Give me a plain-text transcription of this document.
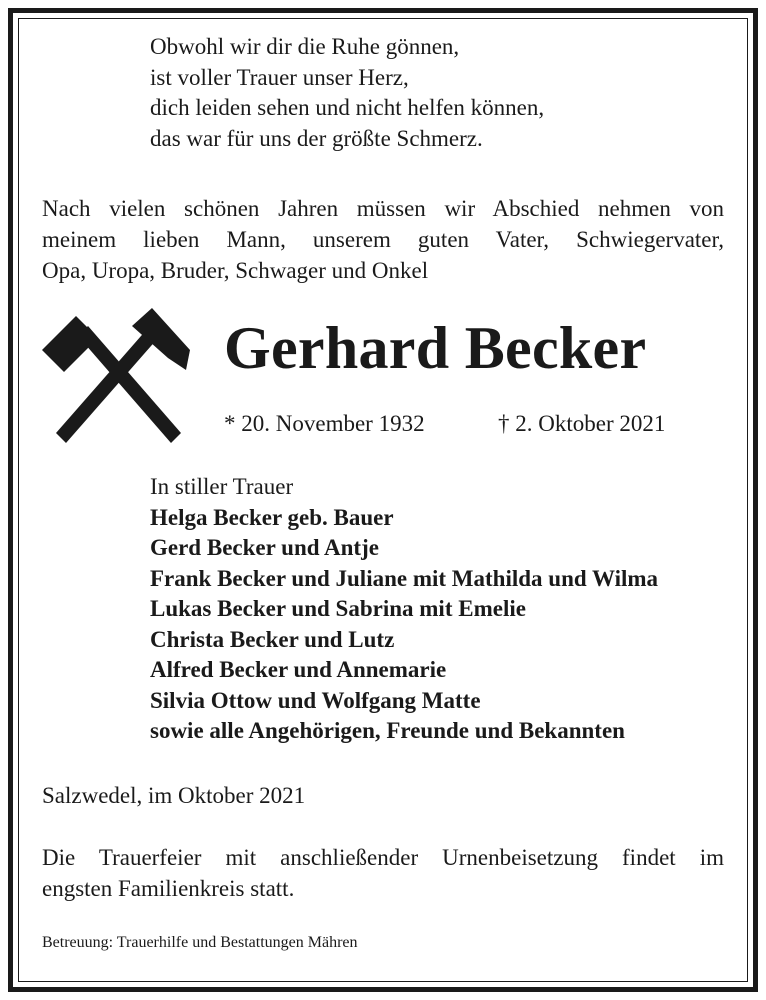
Obwohl wir dir die Ruhe gönnen,
ist voller Trauer unser Herz,
dich leiden sehen und nicht helfen können,
das war für uns der größte Schmerz.
Nach vielen schönen Jahren müssen wir Abschied nehmen von
meinem lieben Mann, unserem guten Vater, Schwiegervater,
Opa, Uropa, Bruder, Schwager und Onkel
Gerhard Becker
* 20. November 1932	† 2. Oktober 2021
In stiller Trauer
Helga Becker geb. Bauer
Gerd Becker und Antje
Frank Becker und Juliane mit Mathilda und Wilma
Lukas Becker und Sabrina mit Emelie
Christa Becker und Lutz
Alfred Becker und Annemarie
Silvia Ottow und Wolfgang Matte
sowie alle Angehörigen, Freunde und Bekannten
Salzwedel, im Oktober 2021
Die Trauerfeier mit anschließender Urnenbeisetzung findet im
engsten Familienkreis statt.
Betreuung: Trauerhilfe und Bestattungen Mähren
